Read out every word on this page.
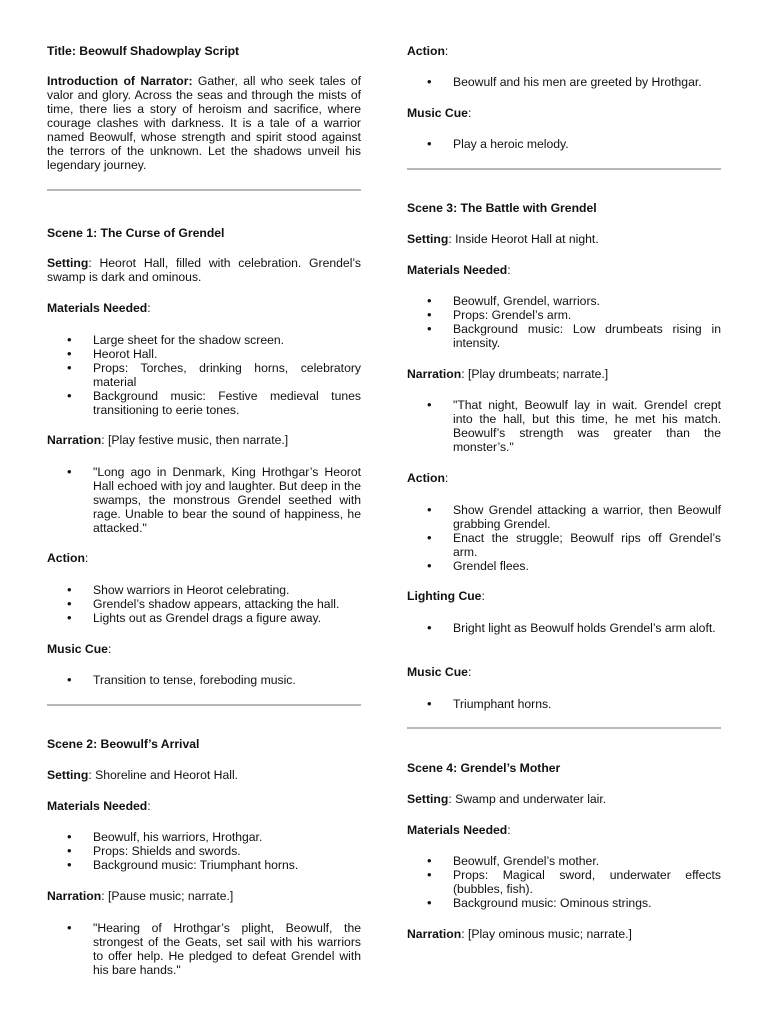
Title: Beowulf Shadowplay Script

Introduction of Narrator: Gather, all who seek tales of valor and glory. Across the seas and through the mists of time, there lies a story of heroism and sacrifice, where courage clashes with darkness. It is a tale of a warrior named Beowulf, whose strength and spirit stood against the terrors of the unknown. Let the shadows unveil his legendary journey.

Scene 1: The Curse of Grendel

Setting: Heorot Hall, filled with celebration. Grendel’s swamp is dark and ominous.

Materials Needed:

• Large sheet for the shadow screen.
• Heorot Hall.
• Props: Torches, drinking horns, celebratory material
• Background music: Festive medieval tunes transitioning to eerie tones.

Narration: [Play festive music, then narrate.]

• "Long ago in Denmark, King Hrothgar’s Heorot Hall echoed with joy and laughter. But deep in the swamps, the monstrous Grendel seethed with rage. Unable to bear the sound of happiness, he attacked."

Action:

• Show warriors in Heorot celebrating.
• Grendel’s shadow appears, attacking the hall.
• Lights out as Grendel drags a figure away.

Music Cue:

• Transition to tense, foreboding music.

Scene 2: Beowulf’s Arrival

Setting: Shoreline and Heorot Hall.

Materials Needed:

• Beowulf, his warriors, Hrothgar.
• Props: Shields and swords.
• Background music: Triumphant horns.

Narration: [Pause music; narrate.]

• "Hearing of Hrothgar’s plight, Beowulf, the strongest of the Geats, set sail with his warriors to offer help. He pledged to defeat Grendel with his bare hands."

Action:

• Beowulf and his men are greeted by Hrothgar.

Music Cue:

• Play a heroic melody.

Scene 3: The Battle with Grendel

Setting: Inside Heorot Hall at night.

Materials Needed:

• Beowulf, Grendel, warriors.
• Props: Grendel’s arm.
• Background music: Low drumbeats rising in intensity.

Narration: [Play drumbeats; narrate.]

• "That night, Beowulf lay in wait. Grendel crept into the hall, but this time, he met his match. Beowulf’s strength was greater than the monster’s."

Action:

• Show Grendel attacking a warrior, then Beowulf grabbing Grendel.
• Enact the struggle; Beowulf rips off Grendel’s arm.
• Grendel flees.

Lighting Cue:

• Bright light as Beowulf holds Grendel’s arm aloft.

Music Cue:

• Triumphant horns.

Scene 4: Grendel’s Mother

Setting: Swamp and underwater lair.

Materials Needed:

• Beowulf, Grendel’s mother.
• Props: Magical sword, underwater effects (bubbles, fish).
• Background music: Ominous strings.

Narration: [Play ominous music; narrate.]
